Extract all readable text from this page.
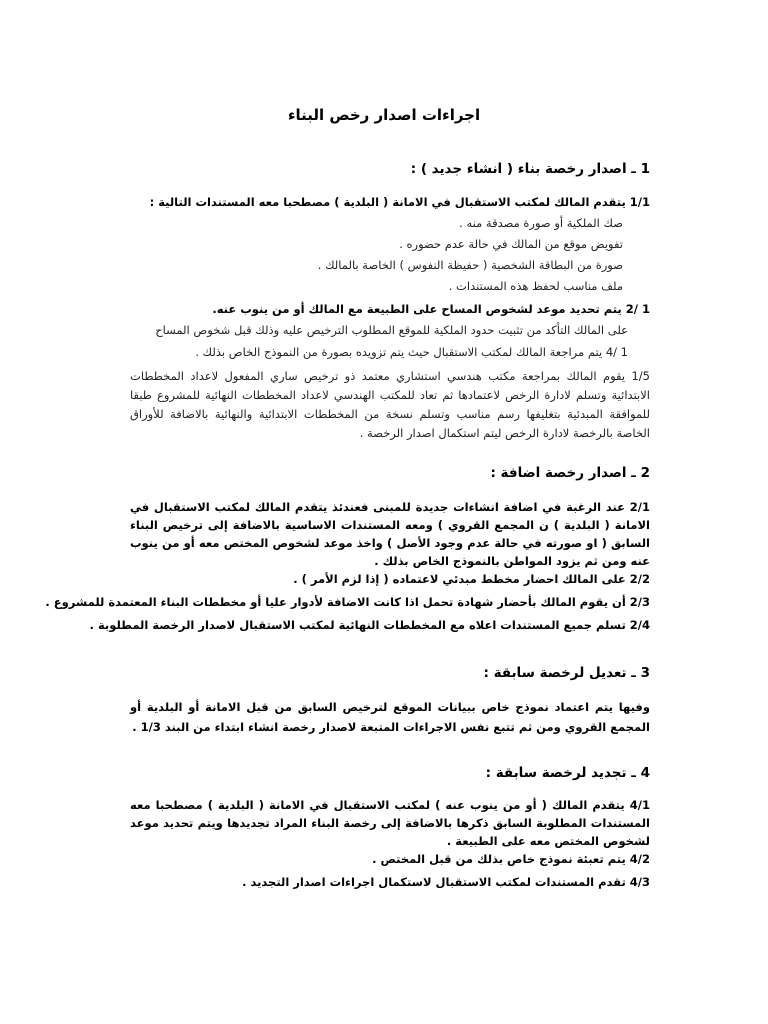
اجراءات اصدار رخص البناء
1 ـ اصدار رخصة بناء ( انشاء جديد ) :
1/1 يتقدم المالك لمكتب الاستقبال في الامانة ( البلدية ) مصطحبا معه المستندات التالية :
صك الملكية أو صورة مصدقة منه .
تفويض موقع من المالك في حالة عدم حضوره .
صورة من البطاقة الشخصية ( حفيظة النفوس ) الخاصة بالمالك .
ملف مناسب لحفظ هذه المستندات .
1 /2 يتم تحديد موعد لشخوص المساح على الطبيعة مع المالك أو من ينوب عنه.
على المالك التأكد من تثبيت حدود الملكية للموقع المطلوب الترخيص عليه وذلك قبل شخوص المساح
1 /4 يتم مراجعة المالك لمكتب الاستقبال حيث يتم تزويده بصورة من النموذج الخاص بذلك .
1/5 يقوم المالك بمراجعة مكتب هندسي استشاري معتمد ذو ترخيص ساري المفعول لاعداد المخططات الابتدائية وتسلم لادارة الرخص لاعتمادها ثم تعاد للمكتب الهندسي لاعداد المخططات النهائية للمشروع طبقا للموافقة المبدئية بتغليفها رسم مناسب وتسلم نسخة من المخططات الابتدائية والنهائية بالاضافة للأوراق الخاصة بالرخصة لادارة الرخص ليتم استكمال اصدار الرخصة .
2 ـ اصدار رخصة اضافة :
2/1 عند الرغبة في اضافة انشاءات جديدة للمبنى فعندئذ يتقدم المالك لمكتب الاستقبال في الامانة ( البلدية ) ن المجمع القروي ) ومعه المستندات الاساسية بالاضافة إلى ترخيص البناء السابق ( او صورته في حالة عدم وجود الأصل ) واخذ موعد لشخوص المختص معه أو من ينوب عنه ومن ثم يزود المواطن بالنموذج الخاص بذلك .
2/2 على المالك احضار مخطط مبدئي لاعتماده ( إذا لزم الأمر ) .
2/3 أن يقوم المالك بأحضار شهادة تحمل اذا كانت الاضافة لأدوار عليا أو مخططات البناء المعتمدة للمشروع .
2/4 تسلم جميع المستندات اعلاه مع المخططات النهائية لمكتب الاستقبال لاصدار الرخصة المطلوبة .
3 ـ تعديل لرخصة سابقة :
وفيها يتم اعتماد نموذج خاص ببيانات الموقع لترخيص السابق من قبل الامانة أو البلدية أو المجمع القروي ومن ثم تتبع نفس الاجراءات المتبعة لاصدار رخصة انشاء ابتداء من البند 1/3 .
4 ـ تجديد لرخصة سابقة :
4/1 يتقدم المالك ( أو من ينوب عنه ) لمكتب الاستقبال في الامانة ( البلدية ) مصطحبا معه المستندات المطلوبة السابق ذكرها بالاضافة إلى رخصة البناء المراد تجديدها ويتم تحديد موعد لشخوص المختص معه على الطبيعة .
4/2 يتم تعبئة نموذج خاص بذلك من قبل المختص .
4/3 تقدم المستندات لمكتب الاستقبال لاستكمال اجراءات اصدار التجديد .
